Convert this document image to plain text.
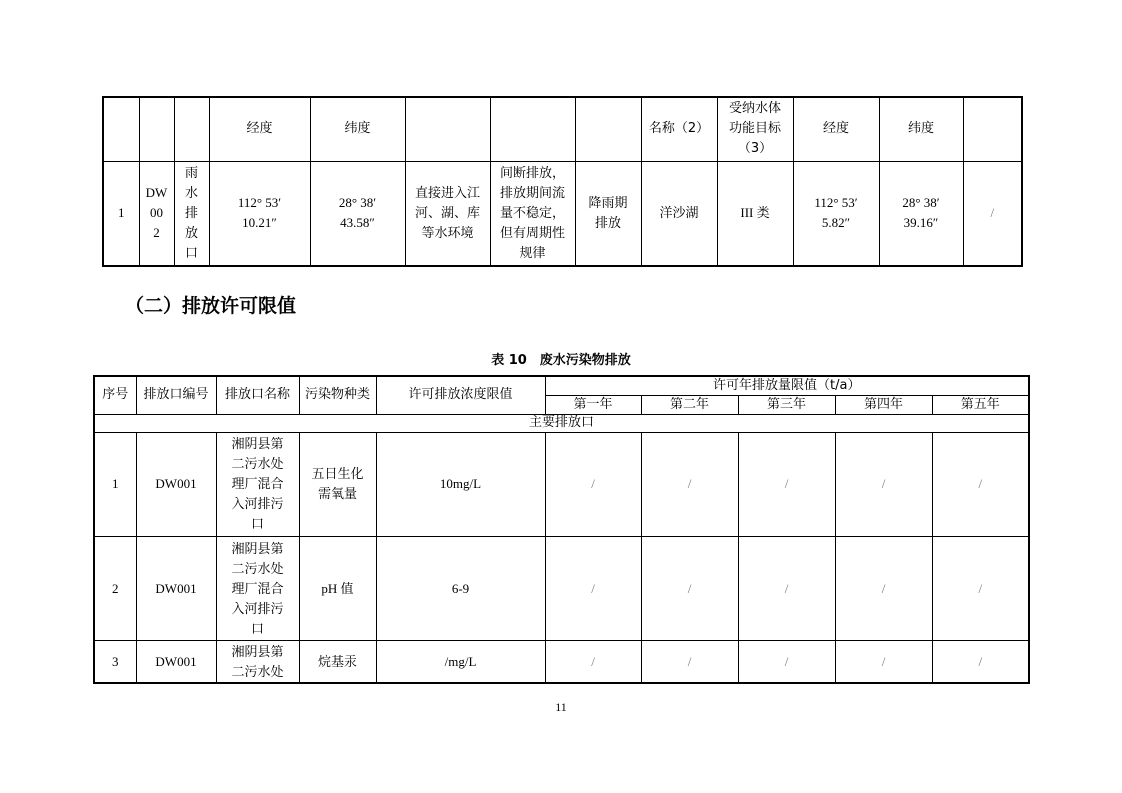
			经度	纬度				名称（2）	受纳水体
功能目标
（3）	经度	纬度	
1	DW
00
2	雨
水
排
放
口	112° 53′
10.21″	28° 38′
43.58″	直接进入江
河、湖、库
等水环境	间断排放，
排放期间流
量不稳定，
但有周期性
规律	降雨期
排放	洋沙湖	III 类	112° 53′
5.82″	28° 38′
39.16″	/
（二）排放许可限值
表 10　废水污染物排放
序号	排放口编号	排放口名称	污染物种类	许可排放浓度限值	许可年排放量限值（t/a）				
					第一年	第二年	第三年	第四年	第五年
主要排放口									
1	DW001	湘阴县第
二污水处
理厂混合
入河排污
口	五日生化
需氧量	10mg/L	/	/	/	/	/
2	DW001	湘阴县第
二污水处
理厂混合
入河排污
口	pH 值	6-9	/	/	/	/	/
3	DW001	湘阴县第
二污水处	烷基汞	/mg/L	/	/	/	/	/
11
